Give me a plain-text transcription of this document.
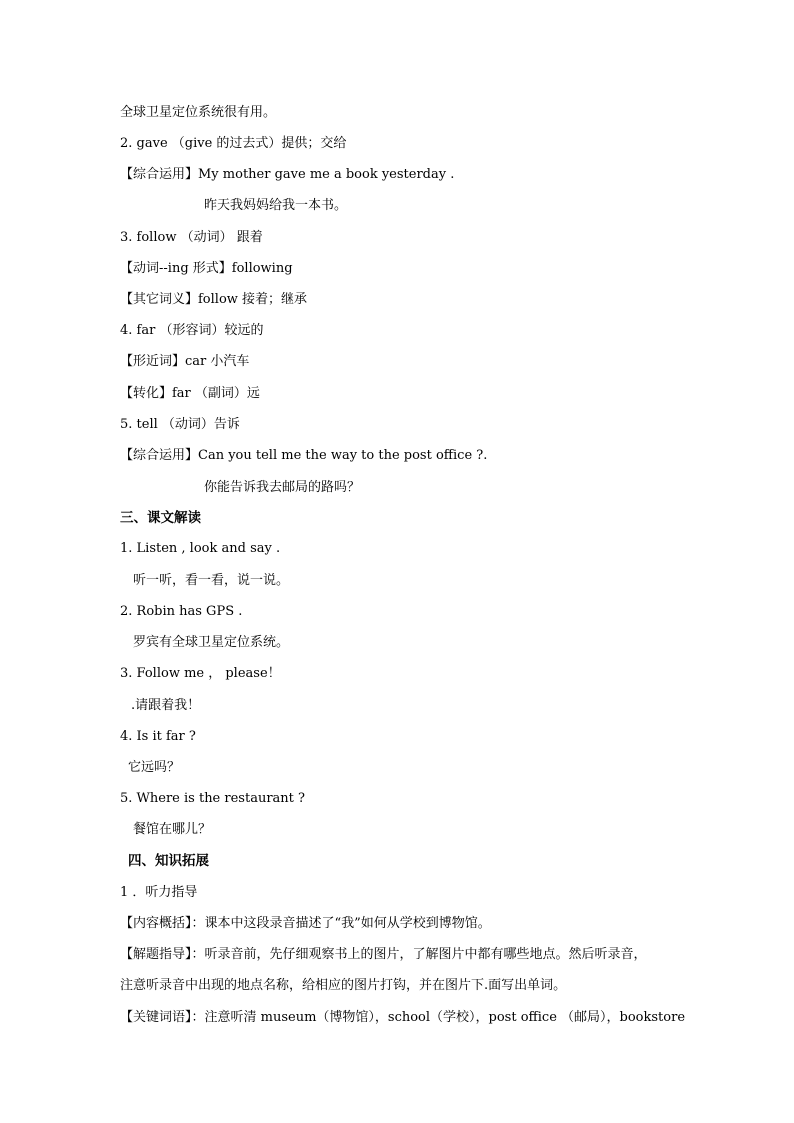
全球卫星定位系统很有用。
2. gave （give 的过去式）提供；交给
【综合运用】My mother gave me a book yesterday .
昨天我妈妈给我一本书。
3. follow （动词） 跟着
【动词--ing 形式】following
【其它词义】follow 接着；继承
4. far （形容词）较远的
【形近词】car 小汽车
【转化】far （副词）远
5. tell （动词）告诉
【综合运用】Can you tell me the way to the post office ?.
你能告诉我去邮局的路吗？
三、课文解读
1. Listen , look and say .
听一听，看一看，说一说。
2. Robin has GPS .
罗宾有全球卫星定位系统。
3. Follow me ， please！
.请跟着我！
4. Is it far ?
它远吗？
5. Where is the restaurant ?
餐馆在哪儿？
四、知识拓展
1 ．听力指导
【内容概括】：课本中这段录音描述了“我”如何从学校到博物馆。
【解题指导】：听录音前，先仔细观察书上的图片，了解图片中都有哪些地点。然后听录音，
注意听录音中出现的地点名称，给相应的图片打钩，并在图片下.面写出单词。
【关键词语】：注意听清 museum（博物馆），school（学校），post office （邮局），bookstore
